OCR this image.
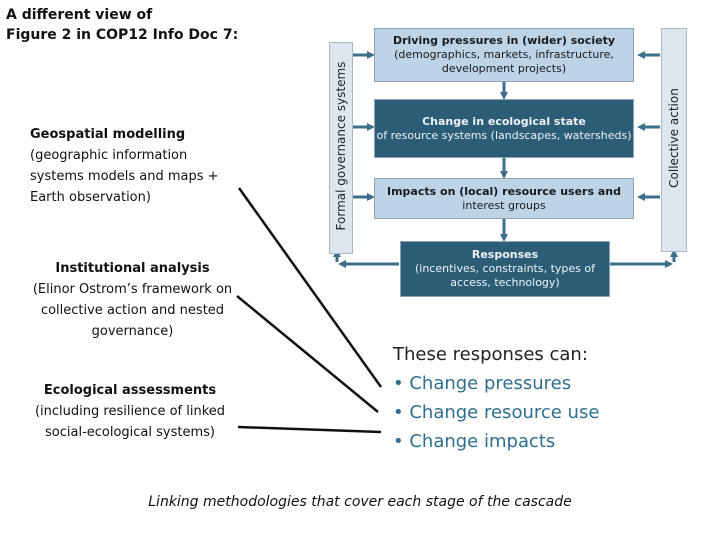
A different view of
Figure 2 in COP12 Info Doc 7:
Geospatial modelling
(geographic information systems models and maps + Earth observation)
Institutional analysis
(Elinor Ostrom’s framework on collective action and nested governance)
Ecological assessments
(including resilience of linked social-ecological systems)
Formal governance systems	Collective action
Driving pressures in (wider) society
(demographics, markets, infrastructure, development projects)
Change in ecological state
of resource systems (landscapes, watersheds)
Impacts on (local) resource users and
interest groups
Responses
(incentives, constraints, types of access, technology)
These responses can:
• Change pressures
• Change resource use
• Change impacts
Linking methodologies that cover each stage of the cascade
